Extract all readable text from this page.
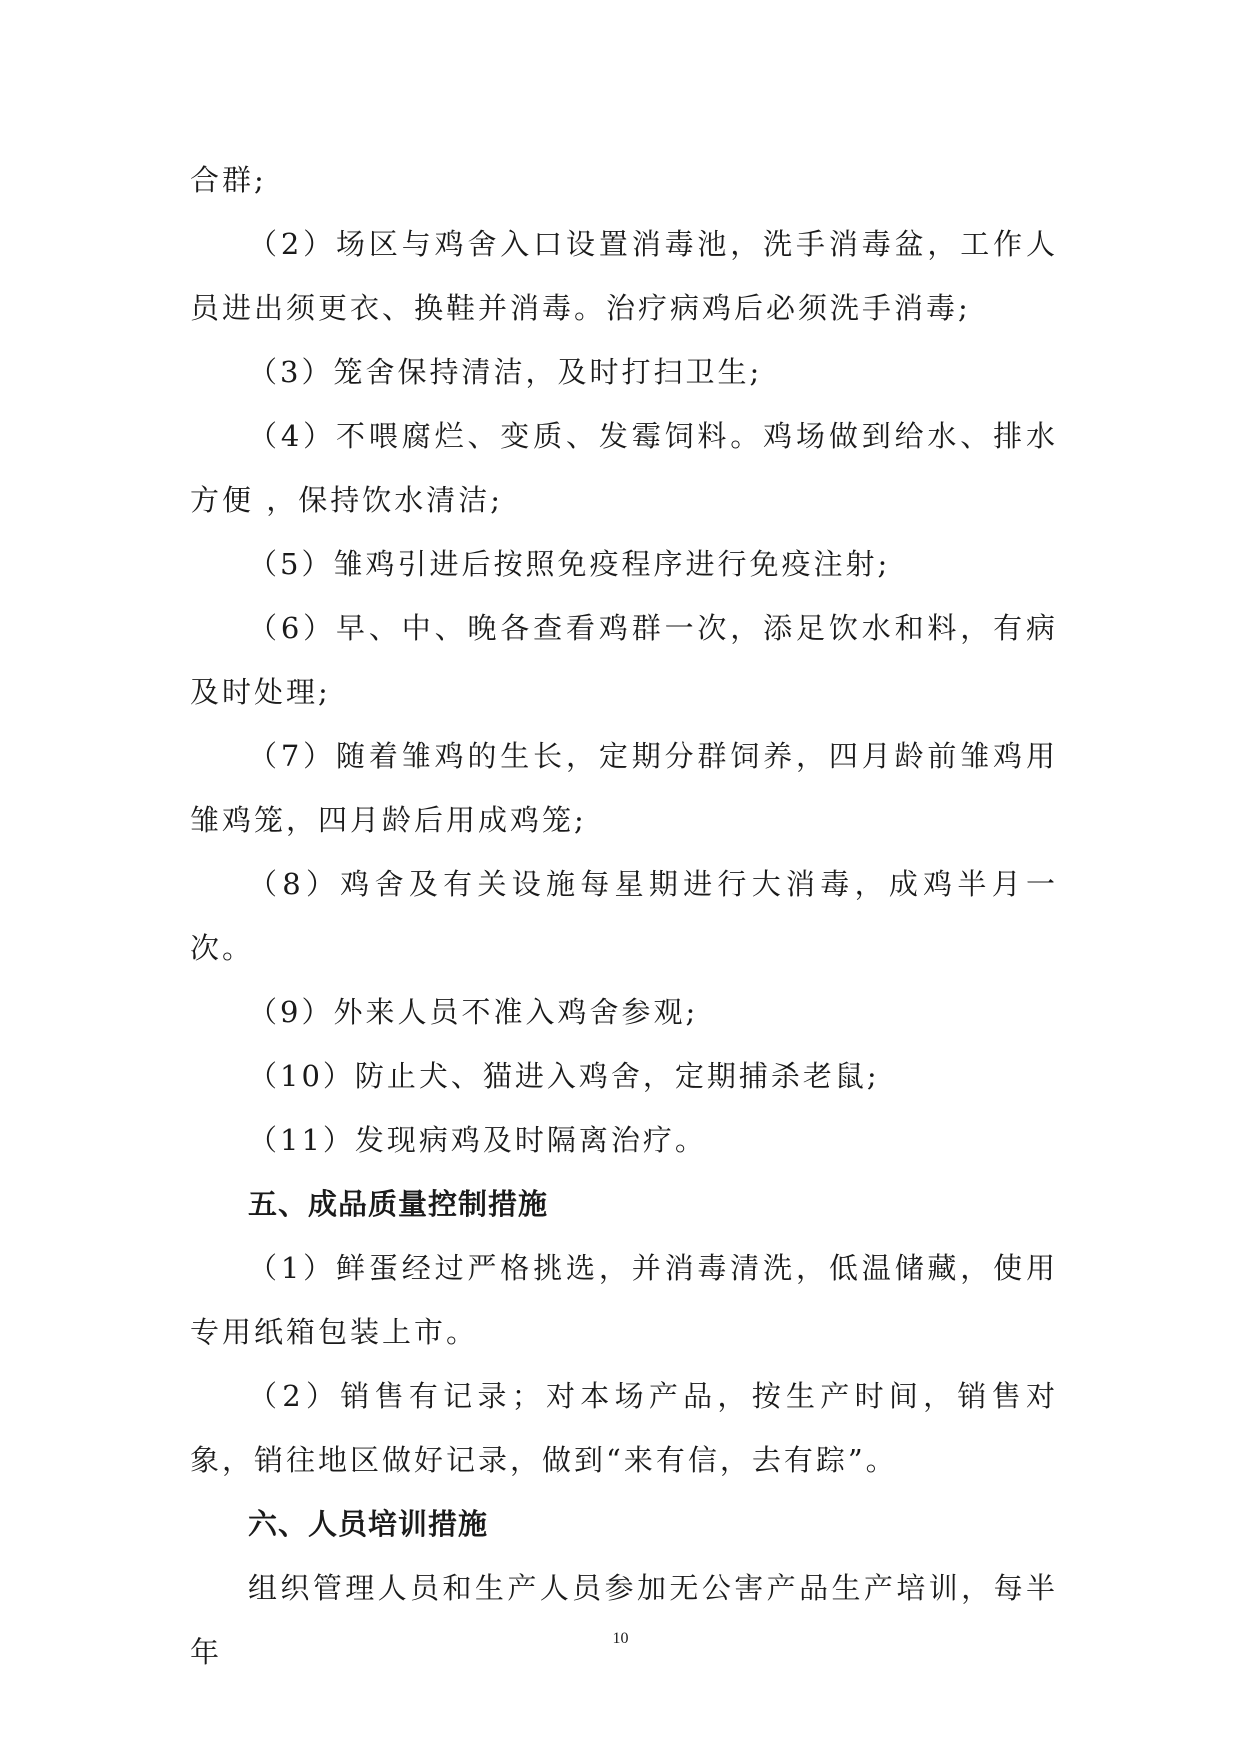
合群;

（2）场区与鸡舍入口设置消毒池，洗手消毒盆，工作人员进出须更衣、换鞋并消毒。治疗病鸡后必须洗手消毒;

（3）笼舍保持清洁，及时打扫卫生;

（4）不喂腐烂、变质、发霉饲料。鸡场做到给水、排水方便 ，保持饮水清洁;

（5）雏鸡引进后按照免疫程序进行免疫注射;

（6）早、中、晚各查看鸡群一次，添足饮水和料，有病及时处理;

（7）随着雏鸡的生长，定期分群饲养，四月龄前雏鸡用雏鸡笼，四月龄后用成鸡笼;

（8）鸡舍及有关设施每星期进行大消毒，成鸡半月一次。

（9）外来人员不准入鸡舍参观;

（10）防止犬、猫进入鸡舍，定期捕杀老鼠;

（11）发现病鸡及时隔离治疗。

五、成品质量控制措施

（1）鲜蛋经过严格挑选，并消毒清洗，低温储藏，使用专用纸箱包装上市。

（2）销售有记录；对本场产品，按生产时间，销售对象，销往地区做好记录，做到“来有信，去有踪”。

六、人员培训措施

组织管理人员和生产人员参加无公害产品生产培训，每半年	10
